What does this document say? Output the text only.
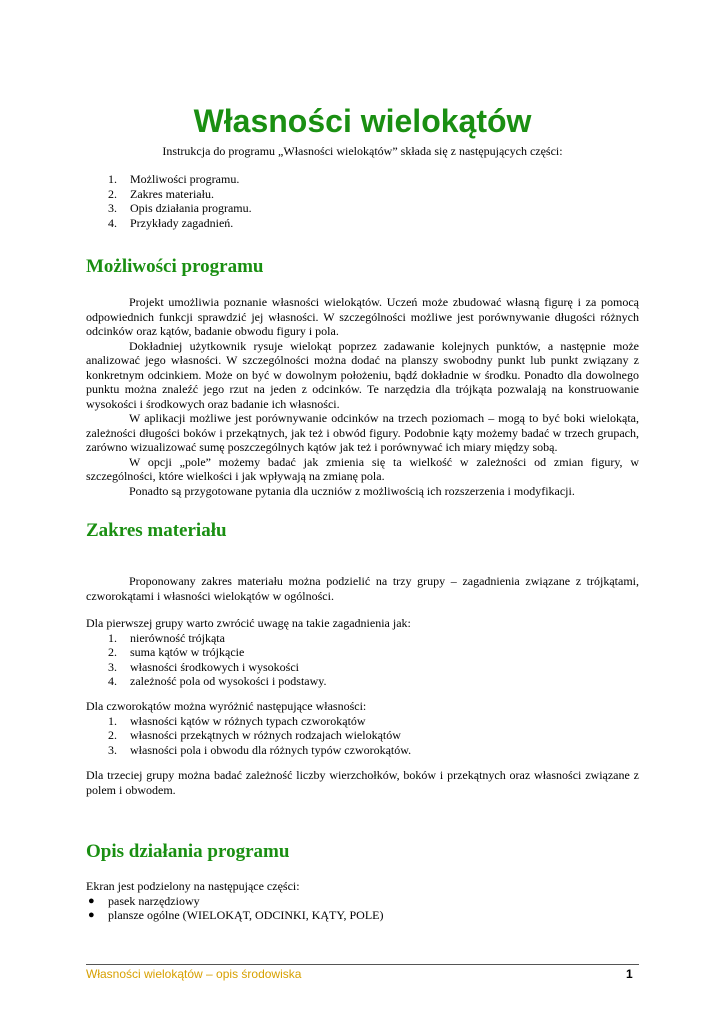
Własności wielokątów

Instrukcja do programu „Własności wielokątów” składa się z następujących części:

1. Możliwości programu.
2. Zakres materiału.
3. Opis działania programu.
4. Przykłady zagadnień.
Możliwości programu

Projekt umożliwia poznanie własności wielokątów. Uczeń może zbudować własną figurę i za pomocą odpowiednich funkcji sprawdzić jej własności. W szczególności możliwe jest porównywanie długości różnych odcinków oraz kątów, badanie obwodu figury i pola.

Dokładniej użytkownik rysuje wielokąt poprzez zadawanie kolejnych punktów, a następnie może analizować jego własności. W szczególności można dodać na planszy swobodny punkt lub punkt związany z konkretnym odcinkiem. Może on być w dowolnym położeniu, bądź dokładnie w środku. Ponadto dla dowolnego punktu można znaleźć jego rzut na jeden z odcinków. Te narzędzia dla trójkąta pozwalają na konstruowanie wysokości i środkowych oraz badanie ich własności.

W aplikacji możliwe jest porównywanie odcinków na trzech poziomach – mogą to być boki wielokąta, zależności długości boków i przekątnych, jak też i obwód figury. Podobnie kąty możemy badać w trzech grupach, zarówno wizualizować sumę poszczególnych kątów jak też i porównywać ich miary między sobą.

W opcji „pole” możemy badać jak zmienia się ta wielkość w zależności od zmian figury, w szczególności, które wielkości i jak wpływają na zmianę pola.

Ponadto są przygotowane pytania dla uczniów z możliwością ich rozszerzenia i modyfikacji.

Zakres materiału

Proponowany zakres materiału można podzielić na trzy grupy – zagadnienia związane z trójkątami, czworokątami i własności wielokątów w ogólności.

Dla pierwszej grupy warto zwrócić uwagę na takie zagadnienia jak:

1. nierówność trójkąta
2. suma kątów w trójkącie
3. własności środkowych i wysokości
4. zależność pola od wysokości i podstawy.

Dla czworokątów można wyróżnić następujące własności:

1. własności kątów w różnych typach czworokątów
2. własności przekątnych w różnych rodzajach wielokątów
3. własności pola i obwodu dla różnych typów czworokątów.

Dla trzeciej grupy można badać zależność liczby wierzchołków, boków i przekątnych oraz własności związane z polem i obwodem.

Opis działania programu

Ekran jest podzielony na następujące części:

● pasek narzędziowy
● plansze ogólne (WIELOKĄT, ODCINKI, KĄTY, POLE)
Własności wielokątów – opis środowiska	1
